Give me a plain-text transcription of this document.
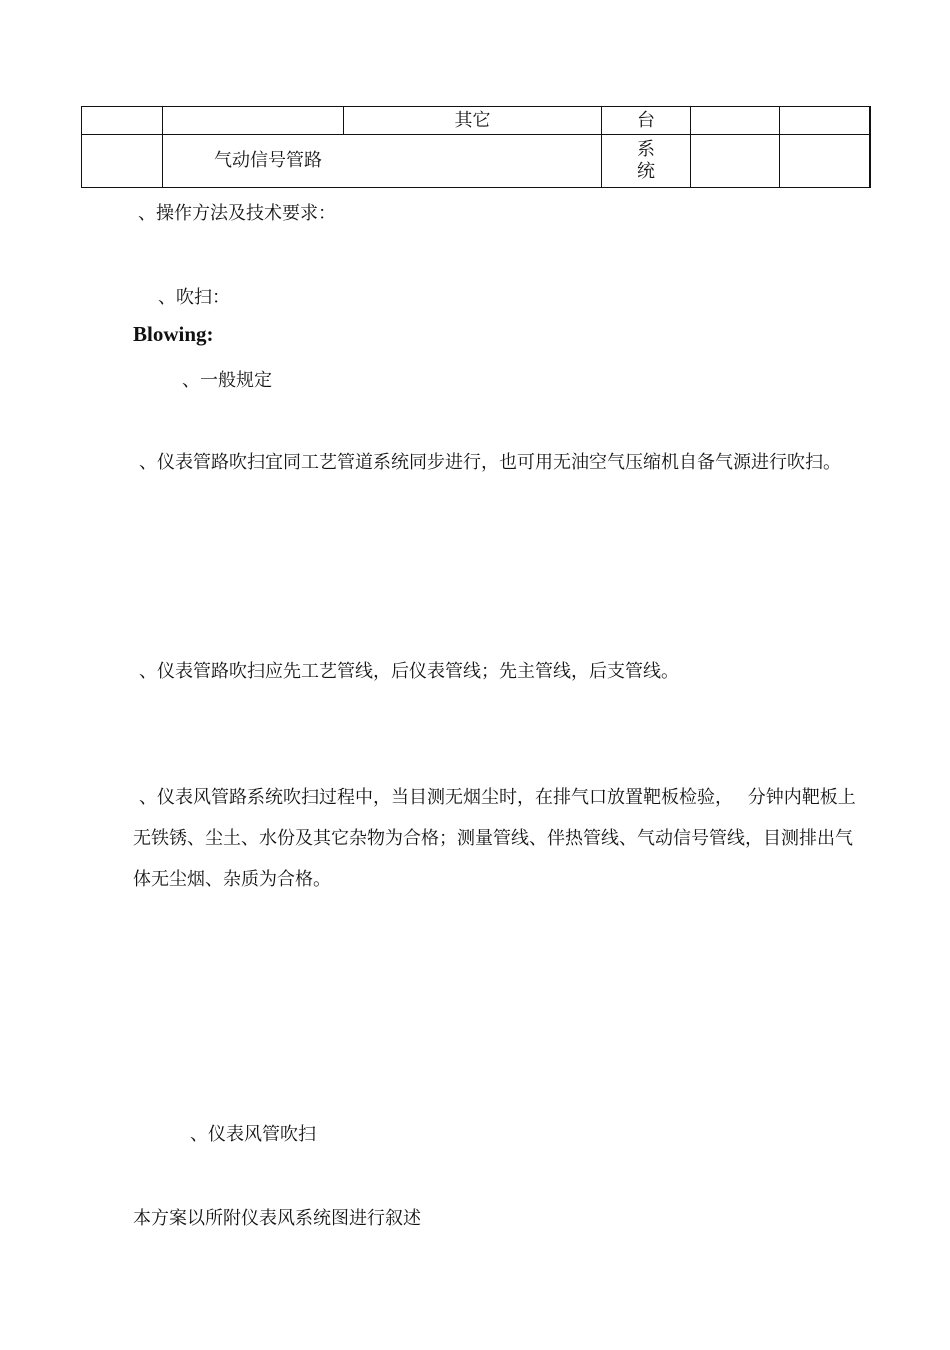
		其它	台		
	气动信号管路		系
统		

、操作方法及技术要求：

、吹扫：

Blowing:

、一般规定

、仪表管路吹扫宜同工艺管道系统同步进行，也可用无油空气压缩机自备气源进行吹扫。

、仪表管路吹扫应先工艺管线，后仪表管线；先主管线，后支管线。

、仪表风管路系统吹扫过程中，当目测无烟尘时，在排气口放置靶板检验，　 分钟内靶板上无铁锈、尘土、水份及其它杂物为合格；测量管线、伴热管线、气动信号管线，目测排出气体无尘烟、杂质为合格。

、仪表风管吹扫

本方案以所附仪表风系统图进行叙述
